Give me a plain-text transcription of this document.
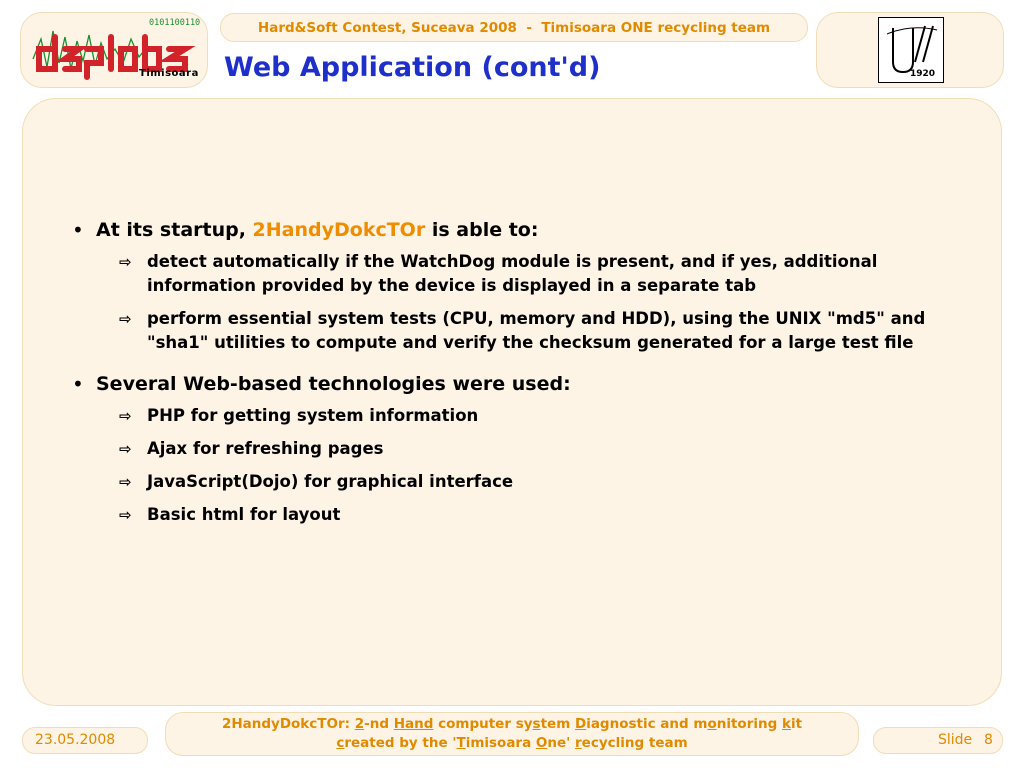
0101100110
Timisoara
Hard&Soft Contest, Suceava 2008  -  Timisoara ONE recycling team
Web Application (cont'd)	1920
• At its startup, 2HandyDokcTOr is able to:

⇨ detect automatically if the WatchDog module is present, and if yes, additional information provided by the device is displayed in a separate tab
⇨ perform essential system tests (CPU, memory and HDD), using the UNIX "md5" and "sha1" utilities to compute and verify the checksum generated for a large test file
• Several Web-based technologies were used:

⇨ PHP for getting system information
⇨ Ajax for refreshing pages
⇨ JavaScript(Dojo) for graphical interface
⇨ Basic html for layout
23.05.2008
2HandyDokcTOr: 2-nd Hand computer system Diagnostic and monitoring kit
created by the 'Timisoara One' recycling team	Slide 8
